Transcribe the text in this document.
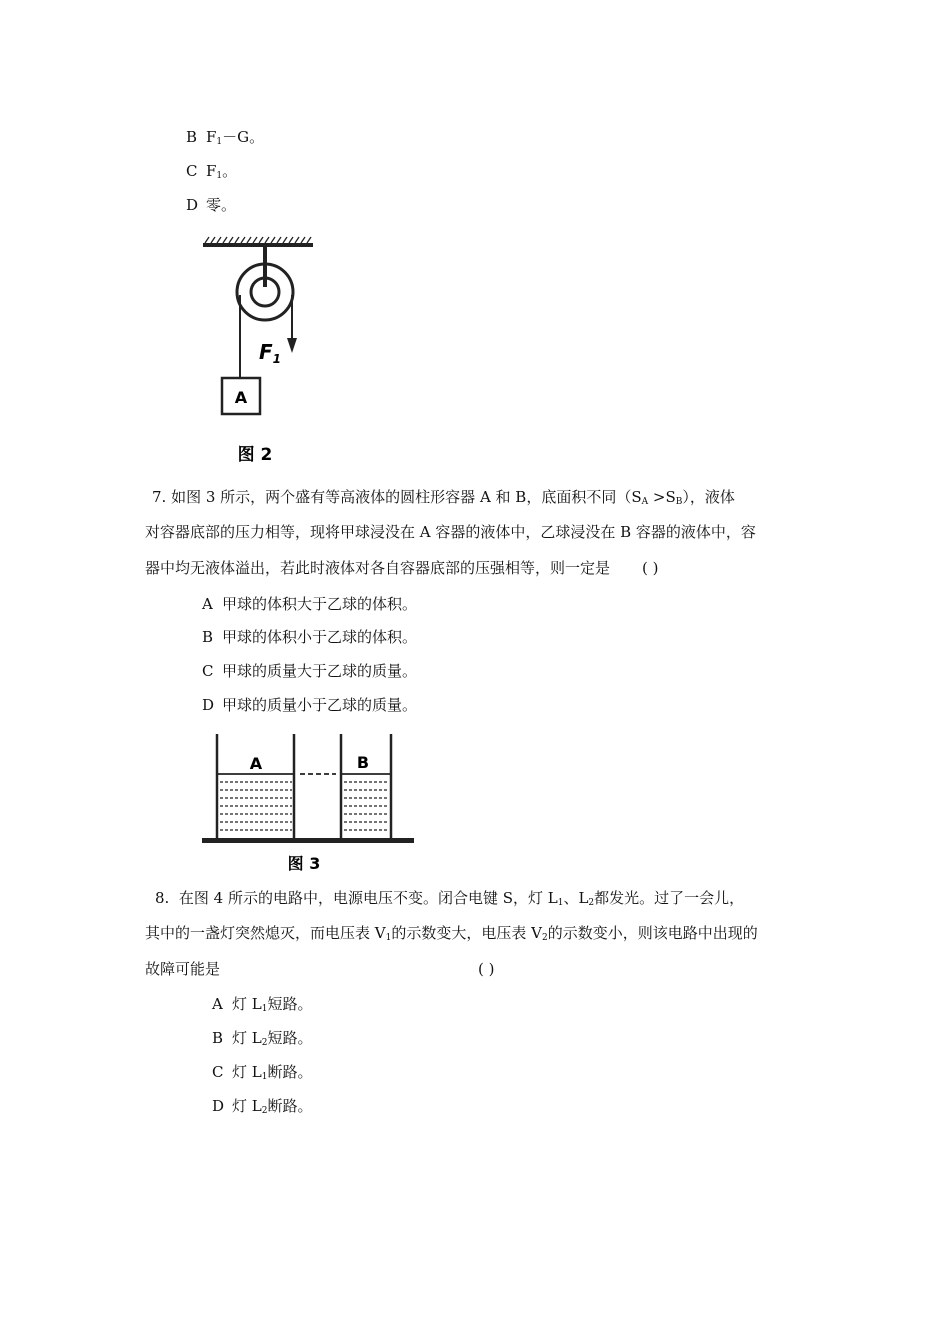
B $F_1-G$。
C $F_1$。
D 零。
$F_1$
A
图 2
7. 如图 3 所示，两个盛有等高液体的圆柱形容器 A 和 B，底面积不同$(S_A >S_B)$，液体
对容器底部的压力相等，现将甲球浸没在 A 容器的液体中，乙球浸没在 B 容器的液体中，容
器中均无液体溢出，若此时液体对各自容器底部的压强相等，则一定是 ( )
A 甲球的体积大于乙球的体积。
B 甲球的体积小于乙球的体积。
C 甲球的质量大于乙球的质量。
D 甲球的质量小于乙球的质量。
A	B
图 3
8. 在图 4 所示的电路中，电源电压不变。闭合电键 S，灯 $L_1$、$L_2$都发光。过了一会儿，
其中的一盏灯突然熄灭，而电压表 $V_1$的示数变大，电压表 $V_2$的示数变小，则该电路中出现的
故障可能是	( )
A 灯 $L_1$短路。
B 灯 $L_2$短路。
C 灯 $L_1$断路。
D 灯 $L_2$断路。
